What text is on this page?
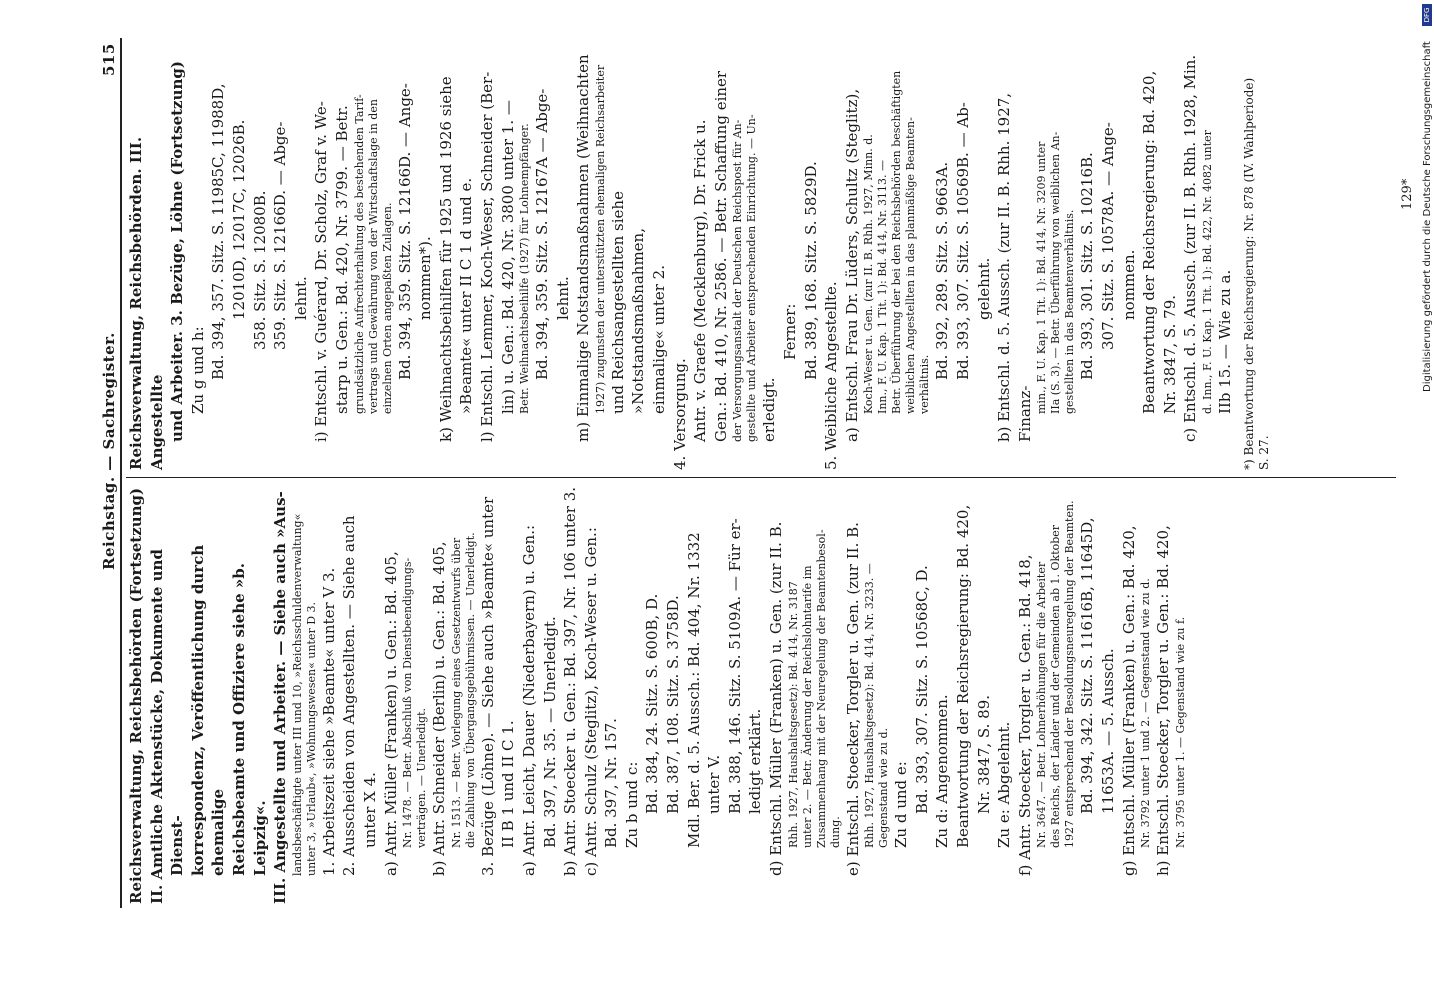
Reichstag. — Sachregister.
515

Reichsverwaltung, Reichsbehörden (Fortsetzung) II. Amtliche Aktenstücke, Dokumente und Dienst- korrespondenz, Veröffentlichung durch ehemalige Reichsbeamte und Offiziere siehe »b. Leipzig«. III. Angestellte und Arbeiter. — Siehe auch »Aus- landsbeschäftigte unter III und 10, »Reichsschuldenverwaltung« unter 3, »Urlaub«, »Wohnungswesen« unter D 3. 1. Arbeitszeit siehe »Beamte« unter V 3. 2. Ausscheiden von Angestellten. — Siehe auch unter X 4. a) Antr. Müller (Franken) u. Gen.: Bd. 405, Nr. 1478. — Betr. Abschluß von Dienstbeendigungs- verträgen. — Unerledigt. b) Antr. Schneider (Berlin) u. Gen.: Bd. 405, Nr. 1513. — Betr. Vorlegung eines Gesetzentwurfs über die Zahlung von Übergangsgebührnissen. — Unerledigt. 3. Bezüge (Löhne). — Siehe auch »Beamte« unter II B 1 und II C 1. a) Antr. Leicht, Dauer (Niederbayern) u. Gen.: Bd. 397, Nr. 35. — Unerledigt. b) Antr. Stoecker u. Gen.: Bd. 397, Nr. 106 unter 3. c) Antr. Schulz (Steglitz), Koch-Weser u. Gen.: Bd. 397, Nr. 157. Zu b und c: Bd. 384, 24. Sitz. S. 600B, D. Bd. 387, 108. Sitz. S. 3758D. Mdl. Ber. d. 5. Aussch.: Bd. 404, Nr. 1332 unter V. Bd. 388, 146. Sitz. S. 5109A. — Für er- ledigt erklärt. d) Entschl. Müller (Franken) u. Gen. (zur II. B. Rhh. 1927, Haushaltsgesetz): Bd. 414, Nr. 3187 unter 2. — Betr. Änderung der Reichslohntarife im Zusammenhang mit der Neuregelung der Beamtenbesol- dung. e) Entschl. Stoecker, Torgler u. Gen. (zur II. B. Rhh. 1927, Haushaltsgesetz): Bd. 414, Nr. 3233. — Gegenstand wie zu d. Zu d und e: Bd. 393, 307. Sitz. S. 10568C, D. Zu d: Angenommen. Beantwortung der Reichsregierung: Bd. 420, Nr. 3847, S. 89. Zu e: Abgelehnt. f) Antr. Stoecker, Torgler u. Gen.: Bd. 418, Nr. 3647. — Betr. Lohnerhöhungen für die Arbeiter des Reichs, der Länder und der Gemeinden ab 1. Oktober 1927 entsprechend der Besoldungsneuregelung der Beamten. Bd. 394, 342. Sitz. S. 11616B, 11645D, 11653A. — 5. Aussch. g) Entschl. Müller (Franken) u. Gen.: Bd. 420, Nr. 3792 unter 1 und 2. — Gegenstand wie zu d. h) Entschl. Stoecker, Torgler u. Gen.: Bd. 420, Nr. 3795 unter 1. — Gegenstand wie zu f.

Reichsverwaltung, Reichsbehörden. III. Angestellte und Arbeiter. 3. Bezüge, Löhne (Fortsetzung) Zu g und h: Bd. 394, 357. Sitz. S. 11985C, 11988D, 12010D, 12017C, 12026B. 358. Sitz. S. 12080B. 359. Sitz. S. 12166D. — Abge- lehnt. i) Entschl. v. Guérard, Dr. Scholz, Graf v. We- starp u. Gen.: Bd. 420, Nr. 3799. — Betr. grundsätzliche Aufrechterhaltung des bestehenden Tarif- vertrags und Gewährung von der Wirtschaftslage in den einzelnen Orten angepaßten Zulagen. Bd. 394, 359. Sitz. S. 12166D. — Ange- nommen*). k) Weihnachtsbeihilfen für 1925 und 1926 siehe »Beamte« unter II C 1 d und e. l) Entschl. Lemmer, Koch-Weser, Schneider (Ber- lin) u. Gen.: Bd. 420, Nr. 3800 unter 1. — Betr. Weihnachtsbeihilfe (1927) für Lohnempfänger. Bd. 394, 359. Sitz. S. 12167A — Abge- lehnt. m) Einmalige Notstandsmaßnahmen (Weihnachten 1927) zugunsten der unterstützten ehemaligen Reichsarbeiter und Reichsangestellten siehe »Notstandsmaßnahmen, einmalige« unter 2.

4. Versorgung. Antr. v. Graefe (Mecklenburg), Dr. Frick u. Gen.: Bd. 410, Nr. 2586. — Betr. Schaffung einer der Versorgungsanstalt der Deutschen Reichspost für An- gestellte und Arbeiter entsprechenden Einrichtung. — Un- erledigt.

Ferner: Bd. 389, 168. Sitz. S. 5829D. 5. Weibliche Angestellte. a) Entschl. Frau Dr. Lüders, Schultz (Steglitz), Koch-Weser u. Gen. (zur II. B. Rhh. 1927, Minn. d. Inn., F. U. Kap. 1 Tit. 1): Bd. 414, Nr. 3113. — Betr. Überführung der bei den Reichsbehörden beschäftigten weiblichen Angestellten in das planmäßige Beamten- verhältnis.

Bd. 392, 289. Sitz. S. 9663A. Bd. 393, 307. Sitz. S. 10569B. — Ab- gelehnt. b) Entschl. d. 5. Aussch. (zur II. B. Rhh. 1927, Finanz- min., F. U. Kap. 1 Tit. 1): Bd. 414, Nr. 3209 unter IIa (S. 3). — Betr. Überführung von weiblichen An- gestellten in das Beamtenverhältnis. Bd. 393, 301. Sitz. S. 10216B. 307. Sitz. S. 10578A. — Ange- nommen. Beantwortung der Reichsregierung: Bd. 420, Nr. 3847, S. 79. c) Entschl. d. 5. Aussch. (zur II. B. Rhh. 1928, Min. d. Inn., F. U. Kap. 1 Tit. 1): Bd. 422, Nr. 4082 unter IIb 15. — Wie zu a. *) Beantwortung der Reichsregierung: Nr. 878 (IV. Wahlperiode) S. 27.

129* Digitalisierung gefördert durch die Deutsche Forschungsgemeinschaft
DFG
